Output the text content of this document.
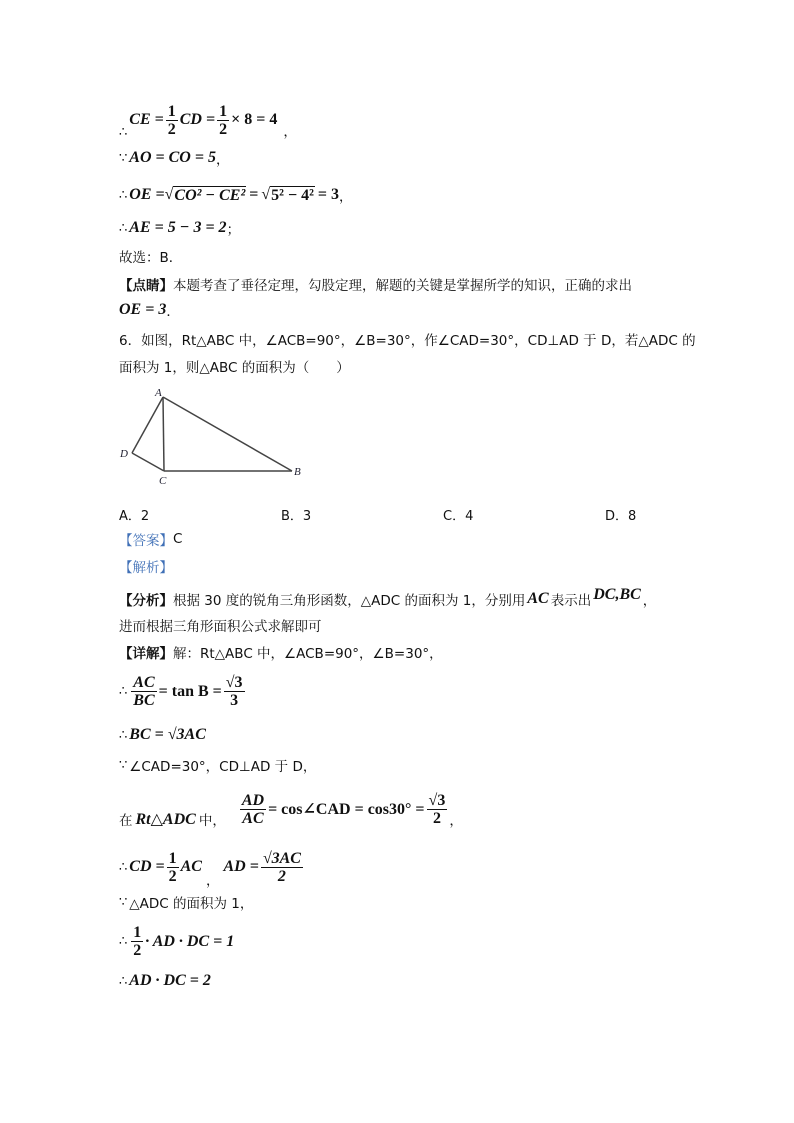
∴
CE = $\frac{1}{2}$ CD = $\frac{1}{2} \times 8 = 4$
，
∵ AO = CO = 5 ，
∴ OE = √ CO² − CE² = √ 5² − 4² = 3 ，
∴ AE = 5 − 3 = 2 ；
故选：B．
【点睛】 本题考查了垂径定理，勾股定理，解题的关键是掌握所学的知识，正确的求出
OE = 3 ．
6．如图，Rt△ABC 中，∠ACB=90°，∠B=30°，作∠CAD=30°，CD⊥AD 于 D，若△ADC 的
面积为 1，则△ABC 的面积为（　　）
A
D
C
B
A．2	B．3	C．4	D．8
【答案】 C
【解析】
【分析】 根据 30 度的锐角三角形函数，△ADC 的面积为 1，分别用 AC 表示出 DC,BC ，
进而根据三角形面积公式求解即可
【详解】 解：Rt△ABC 中，∠ACB=90°，∠B=30°，
∴ $\frac{AC}{BC} = \tan B = \frac{√3}{3}$
∴ BC = √3AC
∵ ∠CAD=30°，CD⊥AD 于 D，
在 Rt△ADC 中， $\frac{AD}{AC}$ = cos∠CAD = $\cos 30^\circ = \frac{√3}{2}$ ，
∴ CD = $\frac{1}{2}$ AC
，
AD = $\frac{√3AC}{2}$
∵ △ADC 的面积为 1，
∴ $\frac{1}{2}$ · AD · DC = 1
∴ AD · DC = 2
